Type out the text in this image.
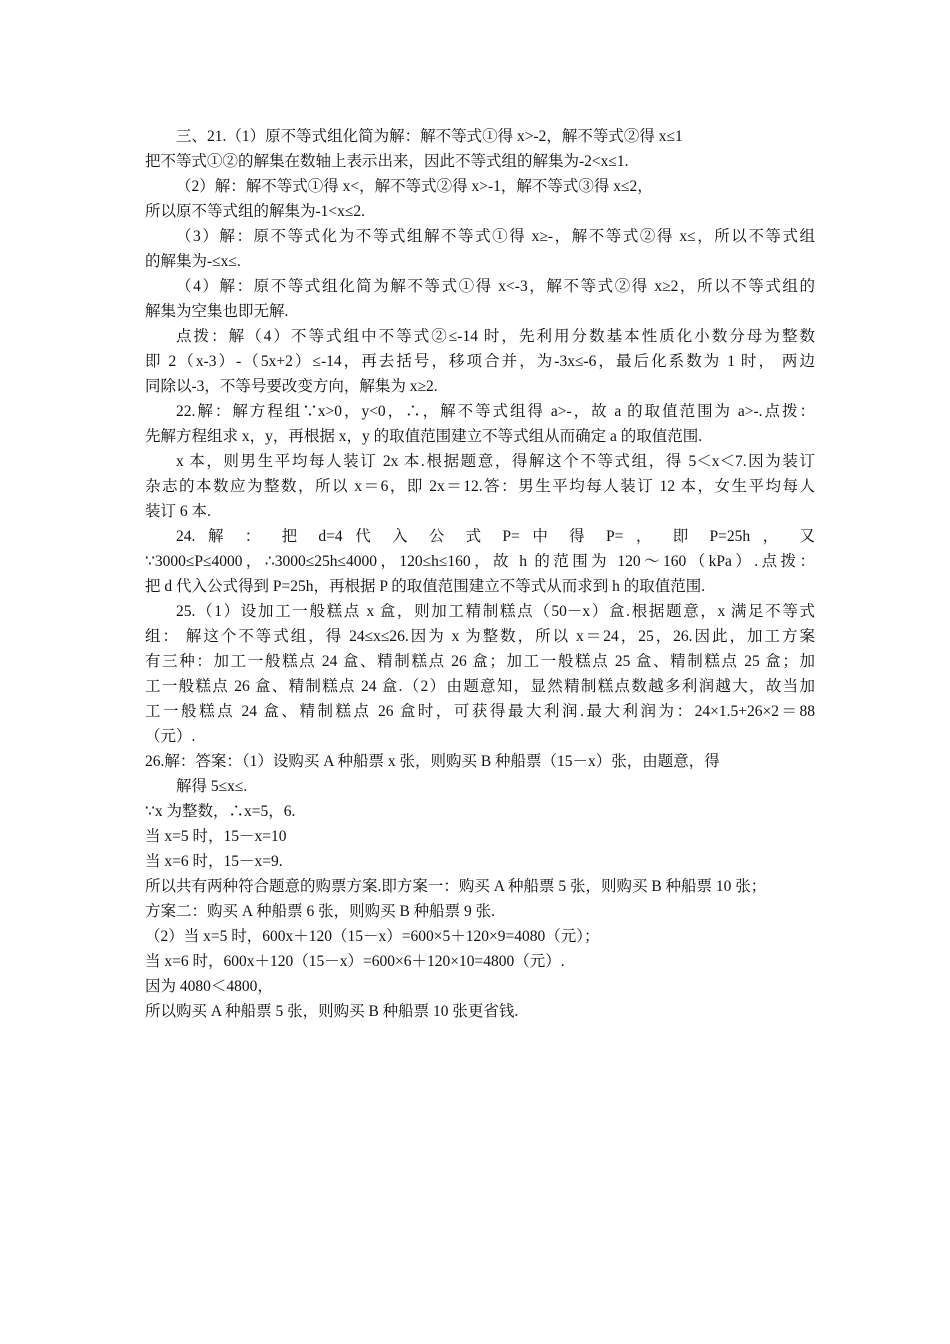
三、21.（1）原不等式组化简为解：解不等式①得 x>-2，解不等式②得 x≤1
把不等式①②的解集在数轴上表示出来，因此不等式组的解集为-2<x≤1.
（2）解：解不等式①得 x<，解不等式②得 x>-1，解不等式③得 x≤2，
所以原不等式组的解集为-1<x≤2.
（3）解：原不等式化为不等式组解不等式①得 x≥-，解不等式②得 x≤，所以不等式组
的解集为-≤x≤.
（4）解：原不等式组化简为解不等式①得 x<-3，解不等式②得 x≥2，所以不等式组的
解集为空集也即无解.
点拨：解（4）不等式组中不等式②≤-14 时，先利用分数基本性质化小数分母为整数
即 2（x-3）-（5x+2）≤-14，再去括号，移项合并，为-3x≤-6，最后化系数为 1 时， 两边
同除以-3，不等号要改变方向，解集为 x≥2.
22.解：解方程组∵x>0，y<0，∴，解不等式组得 a>-，故 a 的取值范围为 a>-.点拨：
先解方程组求 x，y，再根据 x，y 的取值范围建立不等式组从而确定 a 的取值范围.
x 本，则男生平均每人装订 2x 本.根据题意，得解这个不等式组，得 5＜x＜7.因为装订
杂志的本数应为整数，所以 x＝6，即 2x＝12.答：男生平均每人装订 12 本，女生平均每人
装订 6 本.
24. 解 ： 把 d=4 代 入 公 式 P= 中 得 P= ， 即 P=25h ， 又
∵3000≤P≤4000，∴3000≤25h≤4000，120≤h≤160，故 h 的范围为 120～160（kPa）.点拨：
把 d 代入公式得到 P=25h，再根据 P 的取值范围建立不等式从而求到 h 的取值范围.
25.（1）设加工一般糕点 x 盒，则加工精制糕点（50－x）盒.根据题意，x 满足不等式
组： 解这个不等式组，得 24≤x≤26.因为 x 为整数，所以 x＝24，25，26.因此，加工方案
有三种：加工一般糕点 24 盒、精制糕点 26 盒；加工一般糕点 25 盒、精制糕点 25 盒；加
工一般糕点 26 盒、精制糕点 24 盒.（2）由题意知，显然精制糕点数越多利润越大，故当加
工一般糕点 24 盒、精制糕点 26 盒时，可获得最大利润.最大利润为：24×1.5+26×2＝88
（元）.
26.解：答案：（1）设购买 A 种船票 x 张，则购买 B 种船票（15－x）张，由题意，得
解得 5≤x≤.
∵x 为整数，∴x=5，6.
当 x=5 时，15－x=10
当 x=6 时，15－x=9.
所以共有两种符合题意的购票方案.即方案一：购买 A 种船票 5 张，则购买 B 种船票 10 张；
方案二：购买 A 种船票 6 张，则购买 B 种船票 9 张.
（2）当 x=5 时，600x＋120（15－x）=600×5＋120×9=4080（元）；
当 x=6 时，600x＋120（15－x）=600×6＋120×10=4800（元）.
因为 4080＜4800，
所以购买 A 种船票 5 张，则购买 B 种船票 10 张更省钱.
